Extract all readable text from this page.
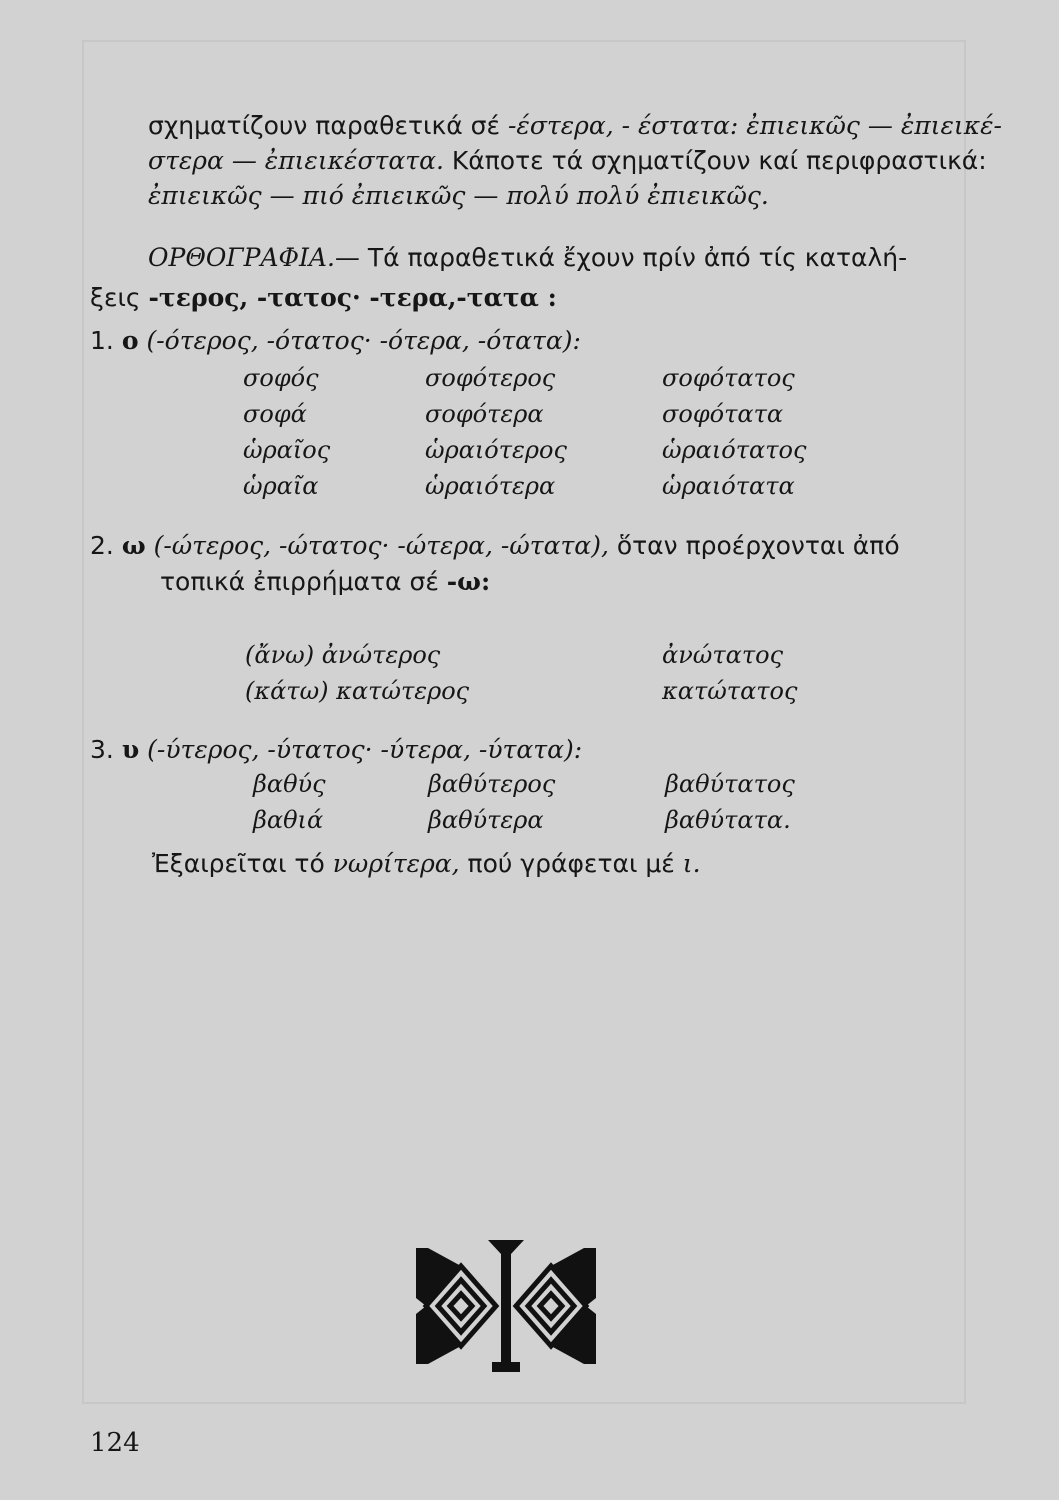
σχηματίζουν παραθετικά σέ -έστερα, - έστατα: ἐπιεικῶς — ἐπιεικέ-
στερα — ἐπιεικέστατα. Κάποτε τά σχηματίζουν καί περιφραστικά:
ἐπιεικῶς — πιό ἐπιεικῶς — πολύ πολύ ἐπιεικῶς.
ΟΡΘΟΓΡΑΦΙΑ.— Τά παραθετικά ἔχουν πρίν ἀπό τίς καταλή-
ξεις -τερος, -τατος· -τερα,-τατα :
1. ο (-ότερος, -ότατος· -ότερα, -ότατα):
σοφός
σοφά
ὡραῖος
ὡραῖα
σοφότερος
σοφότερα
ὡραιότερος
ὡραιότερα
σοφότατος
σοφότατα
ὡραιότατος
ὡραιότατα
2. ω (-ώτερος, -ώτατος· -ώτερα, -ώτατα), ὅταν προέρχονται ἀπό
τοπικά ἐπιρρήματα σέ -ω:
(ἄνω) ἀνώτερος	ἀνώτατος
(κάτω) κατώτερος	κατώτατος
3. υ (-ύτερος, -ύτατος· -ύτερα, -ύτατα):
βαθύς
βαθιά
βαθύτερος
βαθύτερα
βαθύτατος
βαθύτατα.
Ἐξαιρεῖται τό νωρίτερα, πού γράφεται μέ ι.
124
